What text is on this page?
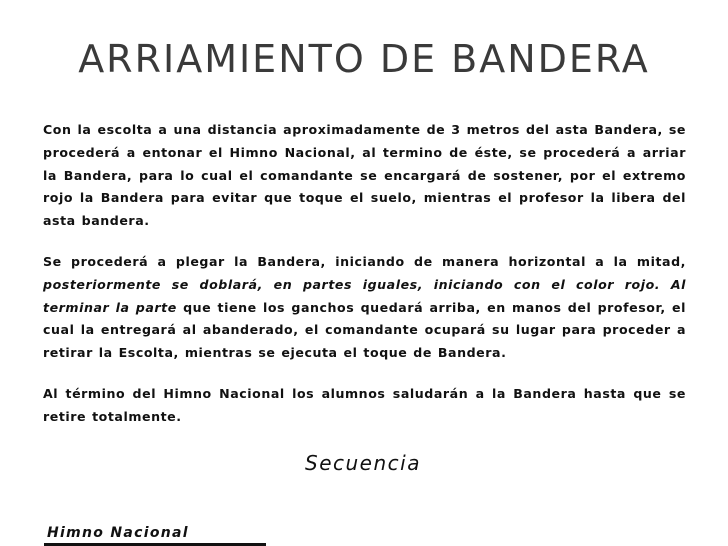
ARRIAMIENTO DE BANDERA

Con la escolta a una distancia aproximadamente de 3 metros del asta Bandera, se procederá a entonar el Himno Nacional, al termino de éste, se procederá a arriar la Bandera, para lo cual el comandante se encargará de sostener, por el extremo rojo la Bandera para evitar que toque el suelo, mientras el profesor la libera del asta bandera.

Se procederá a plegar la Bandera, iniciando de manera horizontal a la mitad, posteriormente se doblará, en partes iguales, iniciando con el color rojo. Al terminar la parte que tiene los ganchos quedará arriba, en manos del profesor, el cual la entregará al abanderado, el comandante ocupará su lugar para proceder a retirar la Escolta, mientras se ejecuta el toque de Bandera.

Al término del Himno Nacional los alumnos saludarán a la Bandera hasta que se retire totalmente.

Secuencia
Himno Nacional
